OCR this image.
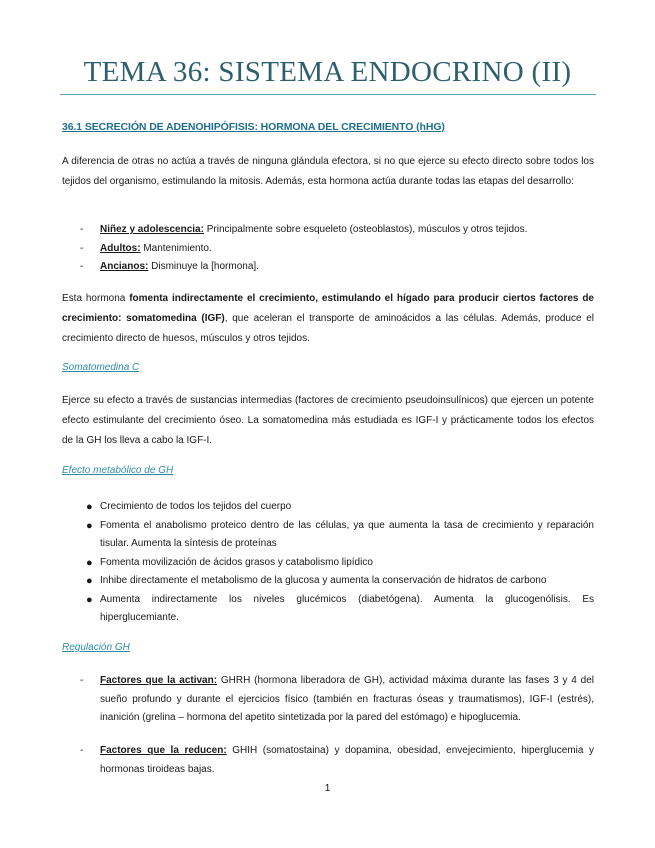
TEMA 36: SISTEMA ENDOCRINO (II)
36.1 SECRECIÓN DE ADENOHIPÓFISIS: HORMONA DEL CRECIMIENTO (hHG)

A diferencia de otras no actúa a través de ninguna glándula efectora, si no que ejerce su efecto directo sobre todos los tejidos del organismo, estimulando la mitosis. Además, esta hormona actúa durante todas las etapas del desarrollo:

- Niñez y adolescencia: Principalmente sobre esqueleto (osteoblastos), músculos y otros tejidos.
- Adultos: Mantenimiento.
- Ancianos: Disminuye la [hormona].

Esta hormona fomenta indirectamente el crecimiento, estimulando el hígado para producir ciertos factores de crecimiento: somatomedina (IGF), que aceleran el transporte de aminoácidos a las células. Además, produce el crecimiento directo de huesos, músculos y otros tejidos.

Somatomedina C

Ejerce su efecto a través de sustancias intermedias (factores de crecimiento pseudoinsulínicos) que ejercen un potente efecto estimulante del crecimiento óseo. La somatomedina más estudiada es IGF-I y prácticamente todos los efectos de la GH los lleva a cabo la IGF-I.

Efecto metabólico de GH
● Crecimiento de todos los tejidos del cuerpo
● Fomenta el anabolismo proteico dentro de las células, ya que aumenta la tasa de crecimiento y reparación tisular. Aumenta la síntesis de proteínas
● Fomenta movilización de ácidos grasos y catabolismo lipídico
● Inhibe directamente el metabolismo de la glucosa y aumenta la conservación de hidratos de carbono
● Aumenta indirectamente los niveles glucémicos (diabetógena). Aumenta la glucogenólisis. Es hiperglucemiante.
Regulación GH
- Factores que la activan: GHRH (hormona liberadora de GH), actividad máxima durante las fases 3 y 4 del sueño profundo y durante el ejercicios físico (también en fracturas óseas y traumatismos), IGF-I (estrés), inanición (grelina – hormona del apetito sintetizada por la pared del estómago) e hipoglucemia.
- Factores que la reducen: GHIH (somatostaina) y dopamina, obesidad, envejecimiento, hiperglucemia y hormonas tiroideas bajas.
1
